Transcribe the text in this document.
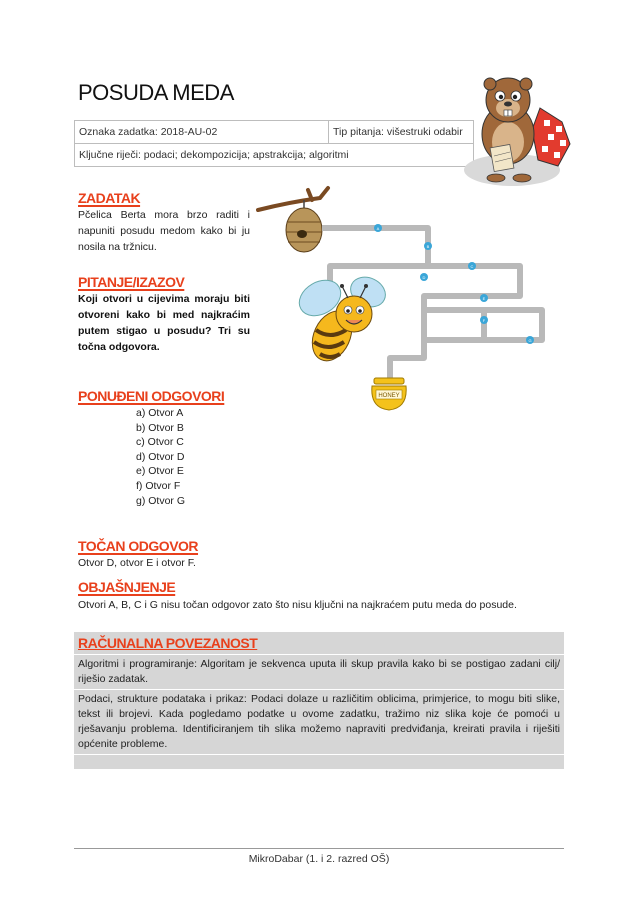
POSUDA MEDA
Oznaka zadatka: 2018-AU-02	Tip pitanja: višestruki odabir
Ključne riječi: podaci; dekompozicija; apstrakcija; algoritmi
ZADATAK
Pčelica Berta mora brzo raditi i napuniti posudu medom kako bi ju nosila na tržnicu.
PITANJE/IZAZOV
Koji otvori u cijevima moraju biti otvoreni kako bi med najkraćim putem stigao u posudu? Tri su točna odgovora.
A
B
C
D
E
F
G
HONEY
PONUĐENI ODGOVORI
a) Otvor A
b) Otvor B
c) Otvor C
d) Otvor D
e) Otvor E
f) Otvor F
g) Otvor G
TOČAN ODGOVOR
Otvor D, otvor E i otvor F.
OBJAŠNJENJE
Otvori A, B, C i G nisu točan odgovor zato što nisu ključni na najkraćem putu meda do posude.
RAČUNALNA POVEZANOST

Algoritmi i programiranje: Algoritam je sekvenca uputa ili skup pravila kako bi se postigao zadani cilj/ riješio zadatak.

Podaci, strukture podataka i prikaz: Podaci dolaze u različitim oblicima, primjerice, to mogu biti slike, tekst ili brojevi. Kada pogledamo podatke u ovome zadatku, tražimo niz slika koje će pomoći u rješavanju problema. Identificiranjem tih slika možemo napraviti predviđanja, kreirati pravila i riješiti općenite probleme.

MikroDabar (1. i 2. razred OŠ)
